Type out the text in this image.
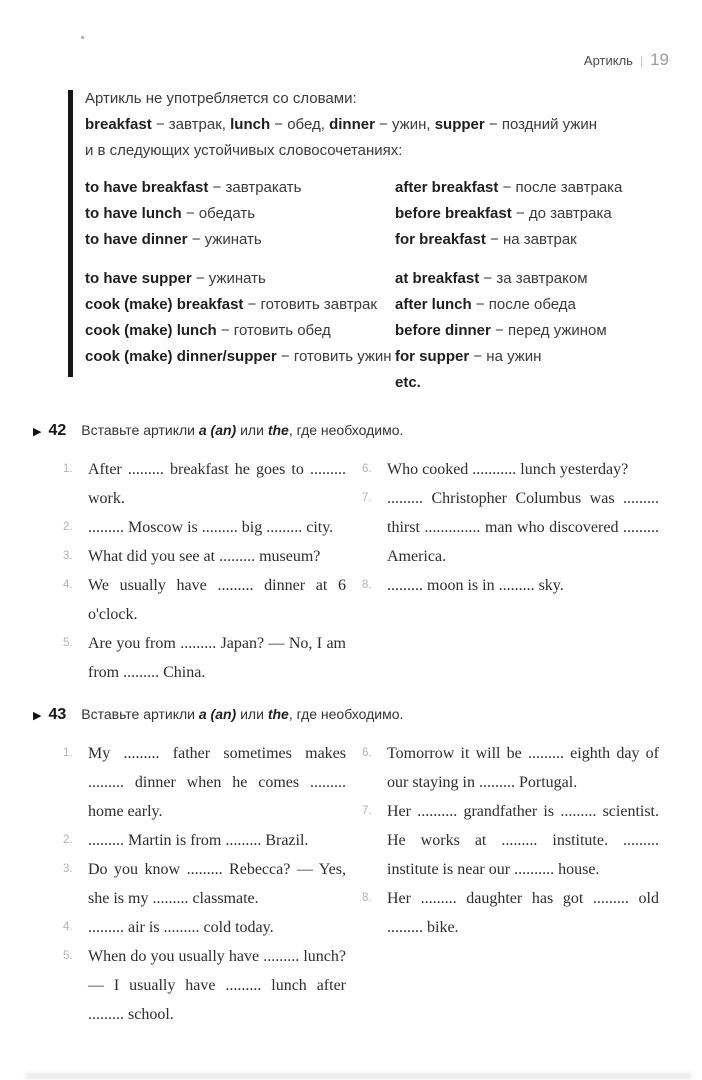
Артикль | 19

Артикль не употребляется со словами:

breakfast − завтрак, lunch − обед, dinner − ужин, supper − поздний ужин

и в следующих устойчивых словосочетаниях:

to have breakfast − завтракать
to have lunch − обедать
to have dinner − ужинать
to have supper − ужинать
cook (make) breakfast − готовить завтрак
cook (make) lunch − готовить обед
cook (make) dinner/supper − готовить ужин
after breakfast − после завтрака
before breakfast − до завтрака
for breakfast − на завтрак
at breakfast − за завтраком
after lunch − после обеда
before dinner − перед ужином
for supper − на ужин
etc.
▶ 42 Вставьте артикли a (an) или the, где необходимо.
1. After ......... breakfast he goes to ......... work.
2. ......... Moscow is ......... big ......... city.
3. What did you see at ......... museum?
4. We usually have ......... dinner at 6 o'clock.
5. Are you from ......... Japan? — No, I am from ......... China.
6. Who cooked ........... lunch yesterday?
7. ......... Christopher Columbus was ......... thirst .............. man who discovered ......... America.
8. ......... moon is in ......... sky.
▶ 43 Вставьте артикли a (an) или the, где необходимо.
1. My ......... father sometimes makes ......... dinner when he comes ......... home early.
2. ......... Martin is from ......... Brazil.
3. Do you know ......... Rebecca? — Yes, she is my ......... classmate.
4. ......... air is ......... cold today.
5. When do you usually have ......... lunch? — I usually have ......... lunch after ......... school.
6. Tomorrow it will be ......... eighth day of our staying in ......... Portugal.
7. Her .......... grandfather is ......... scientist. He works at ......... institute. ......... institute is near our .......... house.
8. Her ......... daughter has got ......... old ......... bike.
